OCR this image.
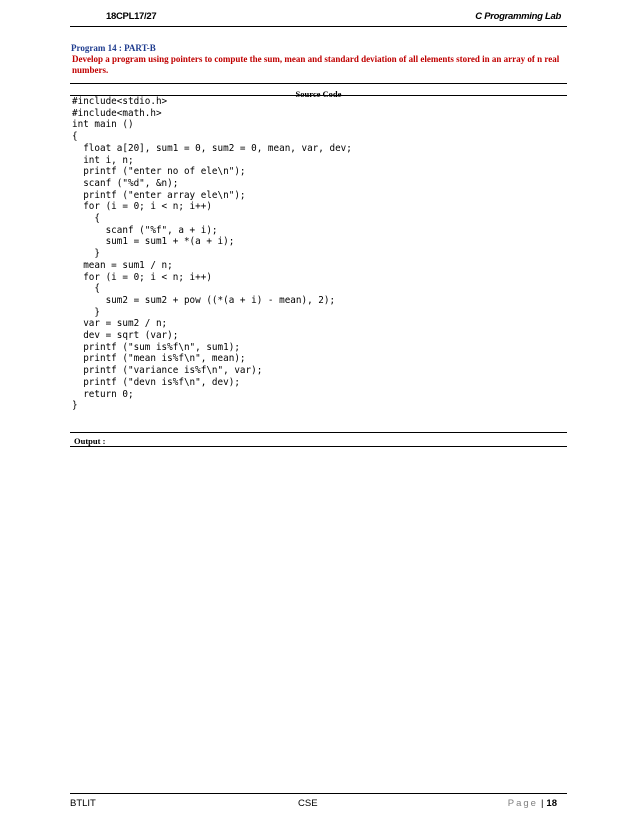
18CPL17/27	C Programming Lab
Program 14 : PART-B
Develop a program using pointers to compute the sum, mean and standard deviation of all elements stored in an array of n real numbers.
Source Code
#include<stdio.h>
#include<math.h>
int main ()
{
float a[20], sum1 = 0, sum2 = 0, mean, var, dev;
int i, n;
printf ("enter no of ele\n");
scanf ("%d", &n);
printf ("enter array ele\n");
for (i = 0; i < n; i++)
{
scanf ("%f", a + i);
sum1 = sum1 + *(a + i);
}
mean = sum1 / n;
for (i = 0; i < n; i++)
{
sum2 = sum2 + pow ((*(a + i) - mean), 2);
}
var = sum2 / n;
dev = sqrt (var);
printf ("sum is%f\n", sum1);
printf ("mean is%f\n", mean);
printf ("variance is%f\n", var);
printf ("devn is%f\n", dev);
return 0;
}
Output :
BTLIT	CSE	Page | 18
